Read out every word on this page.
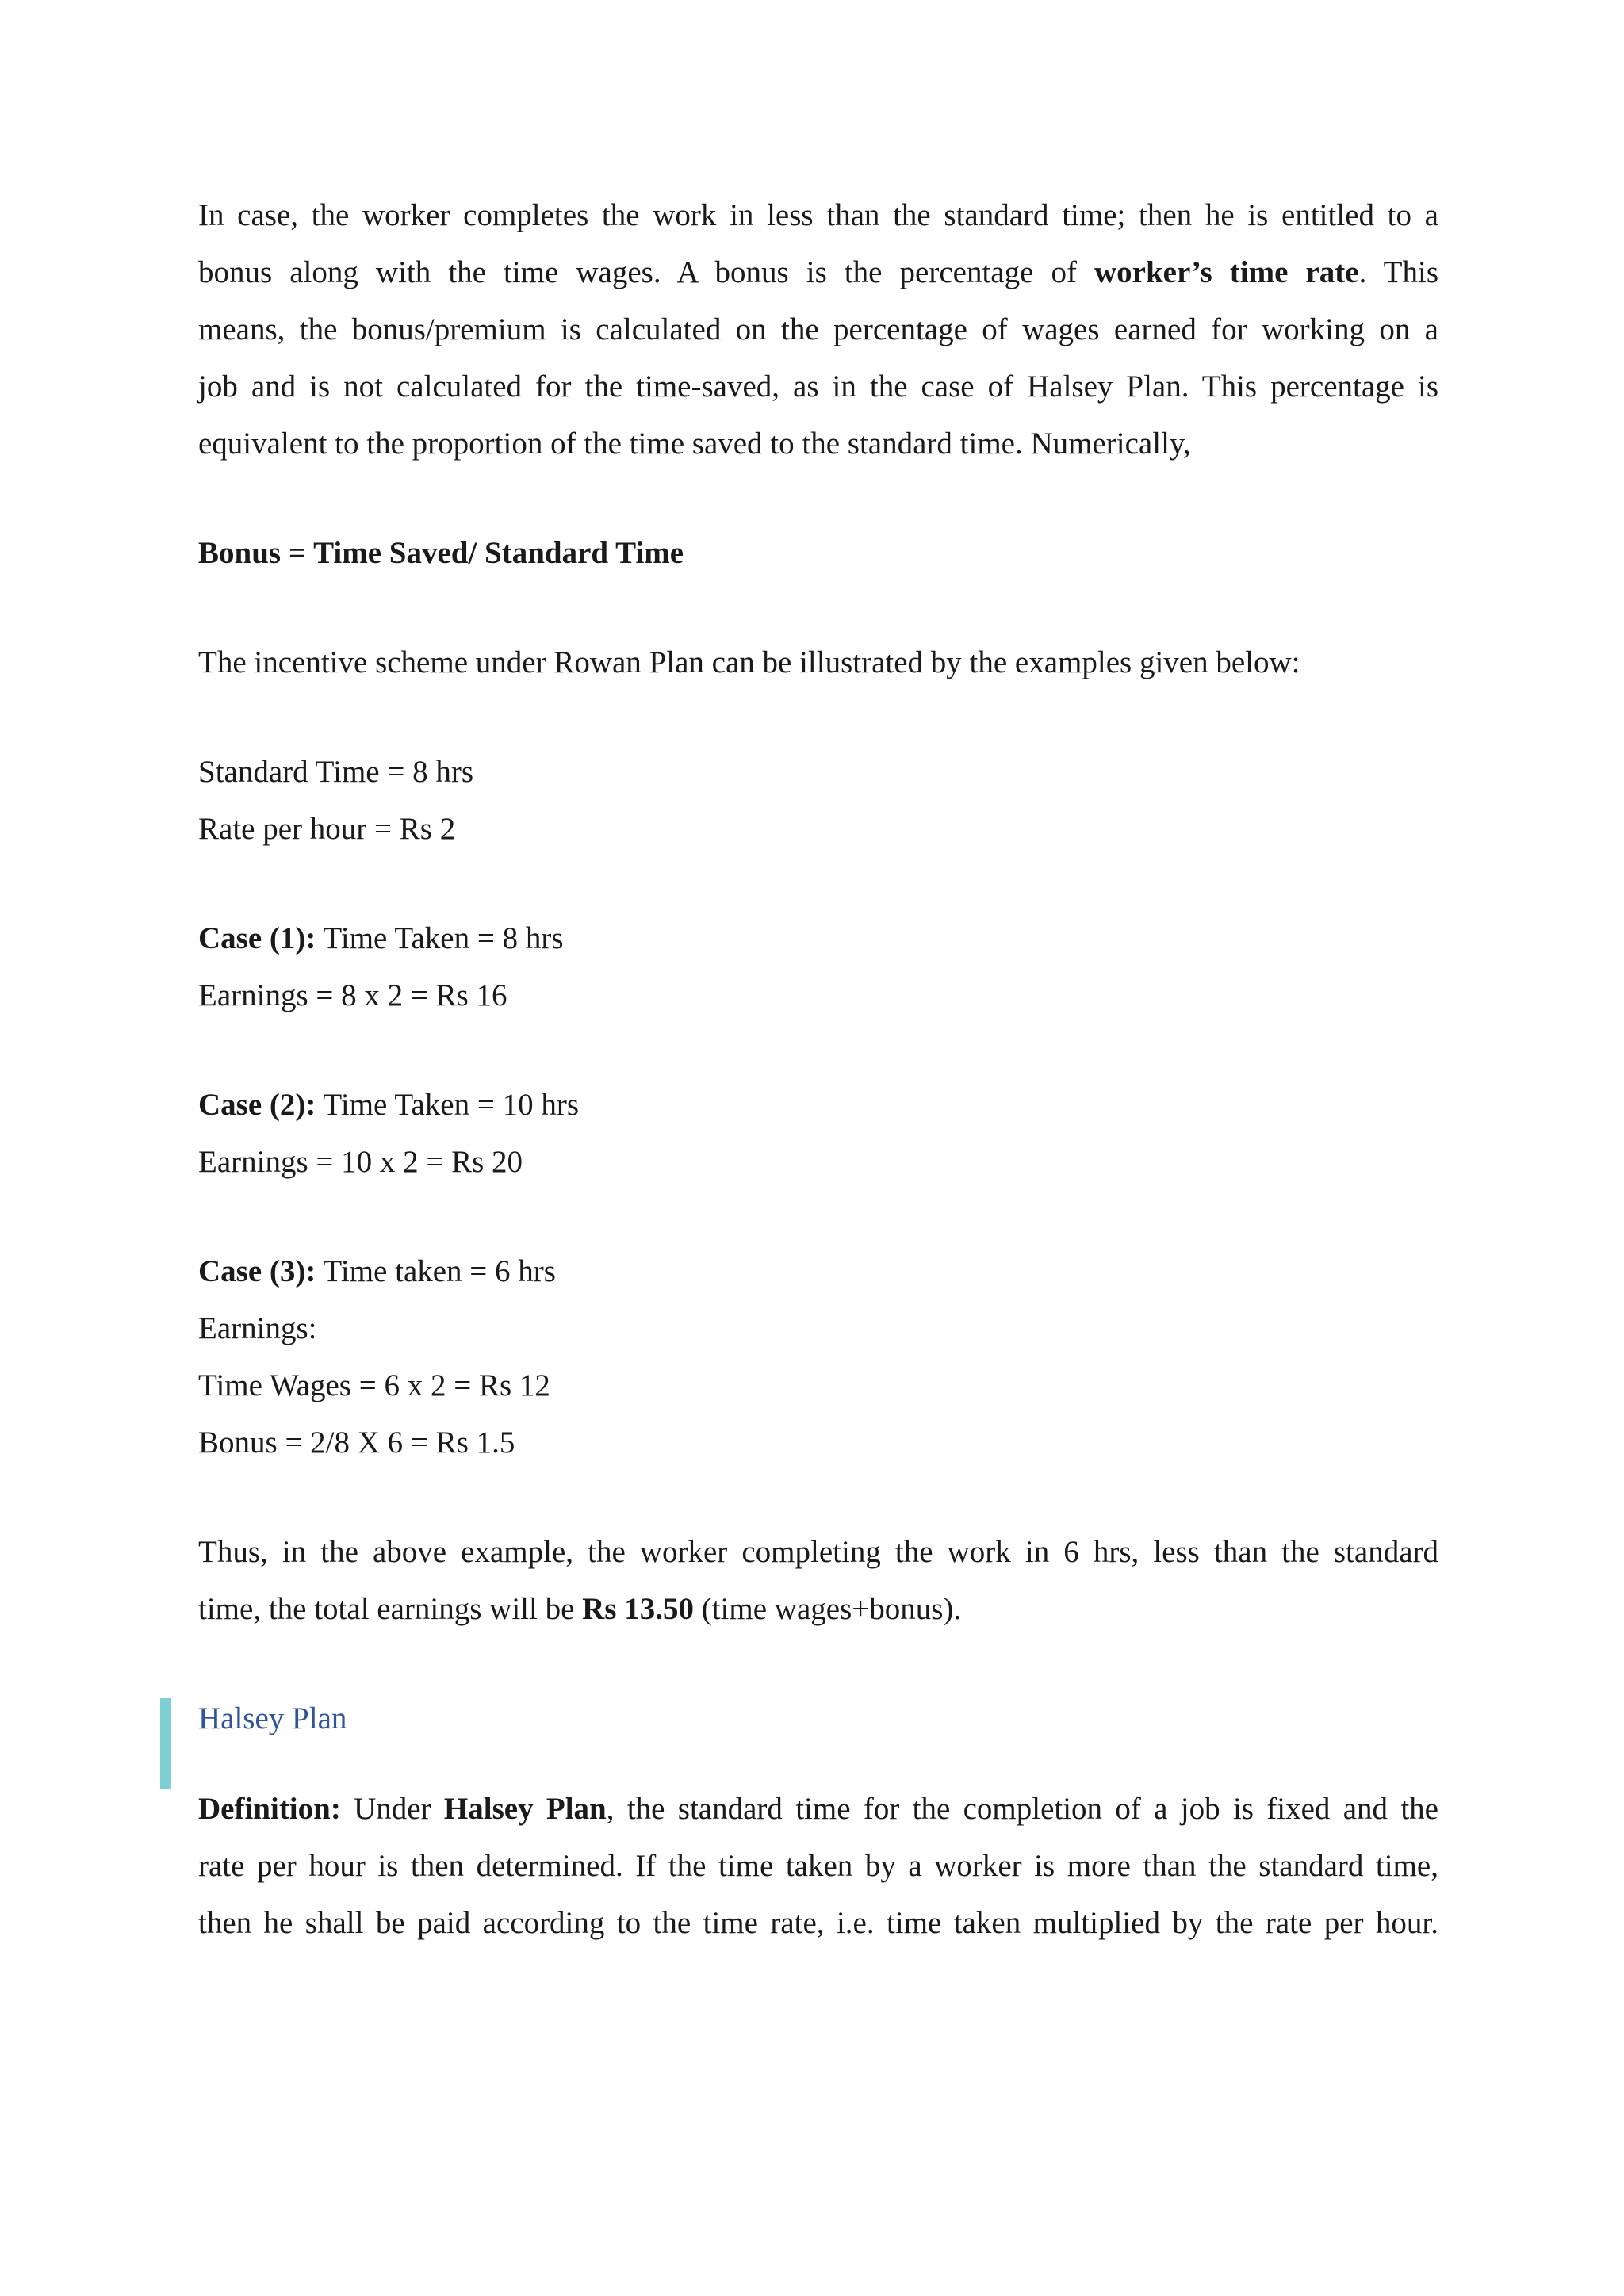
In case, the worker completes the work in less than the standard time; then he is entitled to a
bonus along with the time wages. A bonus is the percentage of worker’s time rate. This
means, the bonus/premium is calculated on the percentage of wages earned for working on a
job and is not calculated for the time-saved, as in the case of Halsey Plan. This percentage is
equivalent to the proportion of the time saved to the standard time. Numerically,
Bonus = Time Saved/ Standard Time
The incentive scheme under Rowan Plan can be illustrated by the examples given below:
Standard Time = 8 hrs
Rate per hour = Rs 2
Case (1): Time Taken = 8 hrs
Earnings = 8 x 2 = Rs 16
Case (2): Time Taken = 10 hrs
Earnings = 10 x 2 = Rs 20
Case (3): Time taken = 6 hrs
Earnings:
Time Wages = 6 x 2 = Rs 12
Bonus = 2/8 X 6 = Rs 1.5
Thus, in the above example, the worker completing the work in 6 hrs, less than the standard
time, the total earnings will be Rs 13.50 (time wages+bonus).
Halsey Plan
Definition: Under Halsey Plan, the standard time for the completion of a job is fixed and the
rate per hour is then determined. If the time taken by a worker is more than the standard time,
then he shall be paid according to the time rate, i.e. time taken multiplied by the rate per hour.
